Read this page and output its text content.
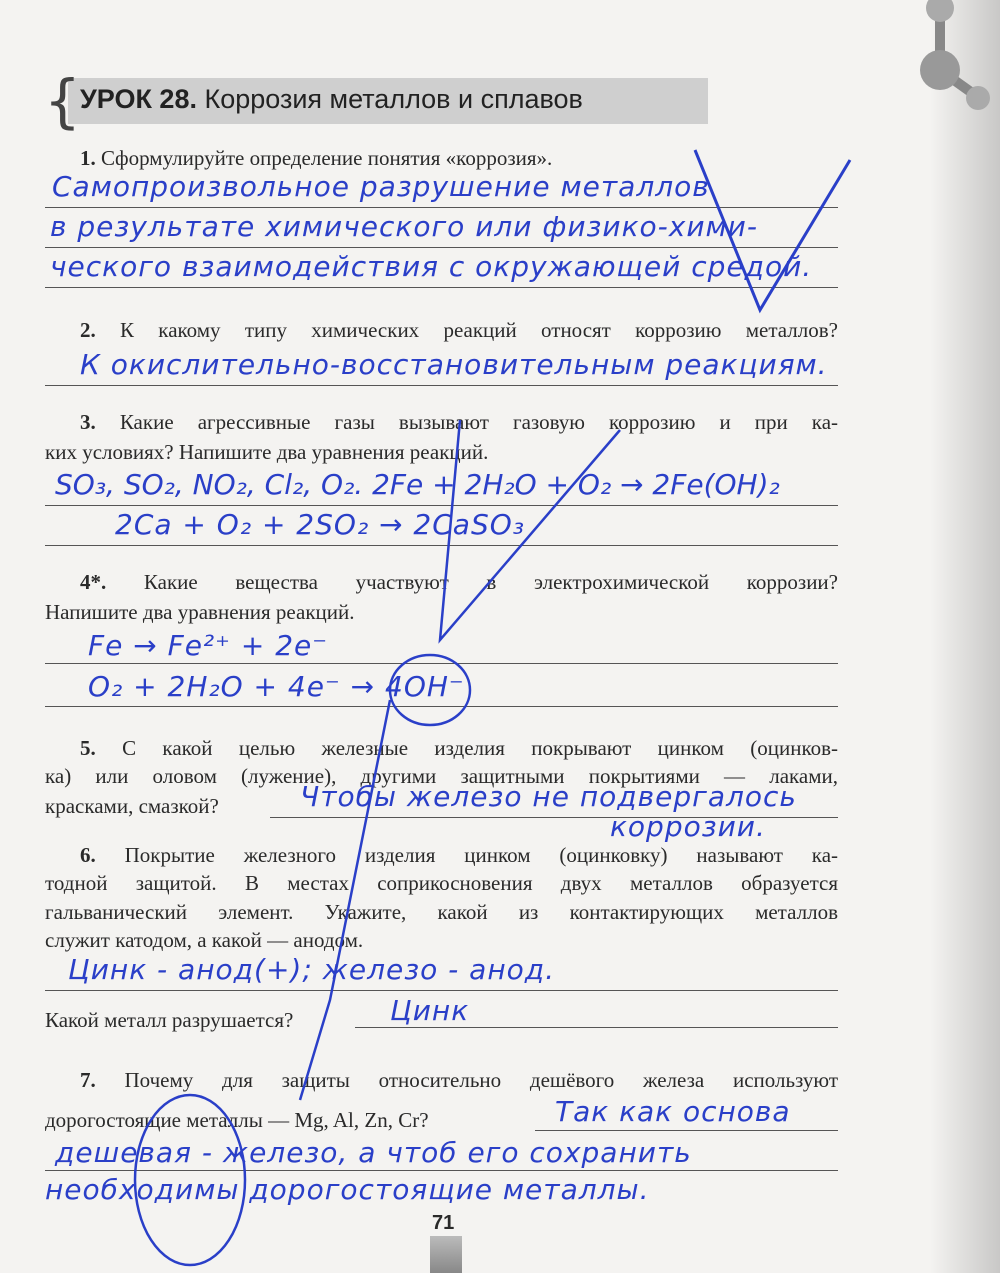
{ УРОК 28. Коррозия металлов и сплавов
1. Сформулируйте определение понятия «коррозия».
Самопроизвольное разрушение металлов
в результате химического или физико-хими-
ческого взаимодействия с окружающей средой.
2. К какому типу химических реакций относят коррозию металлов?
К окислительно-восстановительным реакциям.
3. Какие агрессивные газы вызывают газовую коррозию и при ка-
ких условиях? Напишите два уравнения реакций.
SO₃, SO₂, NO₂, Cl₂, O₂. 2Fe + 2H₂O + O₂ → 2Fe(OH)₂
2Ca + O₂ + 2SO₂ → 2CaSO₃
4*. Какие вещества участвуют в электрохимической коррозии?
Напишите два уравнения реакций.
Fe → Fe²⁺ + 2e⁻
O₂ + 2H₂O + 4e⁻ → 4OH⁻
5. С какой целью железные изделия покрывают цинком (оцинков-
ка) или оловом (лужение), другими защитными покрытиями — лаками,
красками, смазкой?	Чтобы железо не подвергалось
коррозии.
6. Покрытие железного изделия цинком (оцинковку) называют ка-
тодной защитой. В местах соприкосновения двух металлов образуется
гальванический элемент. Укажите, какой из контактирующих металлов
служит катодом, а какой — анодом.
Цинк - анод(+); железо - анод.
Какой металл разрушается?	Цинк
7. Почему для защиты относительно дешёвого железа используют
дорогостоящие металлы — Mg, Al, Zn, Cr?	Так как основа
дешевая - железо, а чтоб его сохранить
необходимы дорогостоящие металлы.
71
